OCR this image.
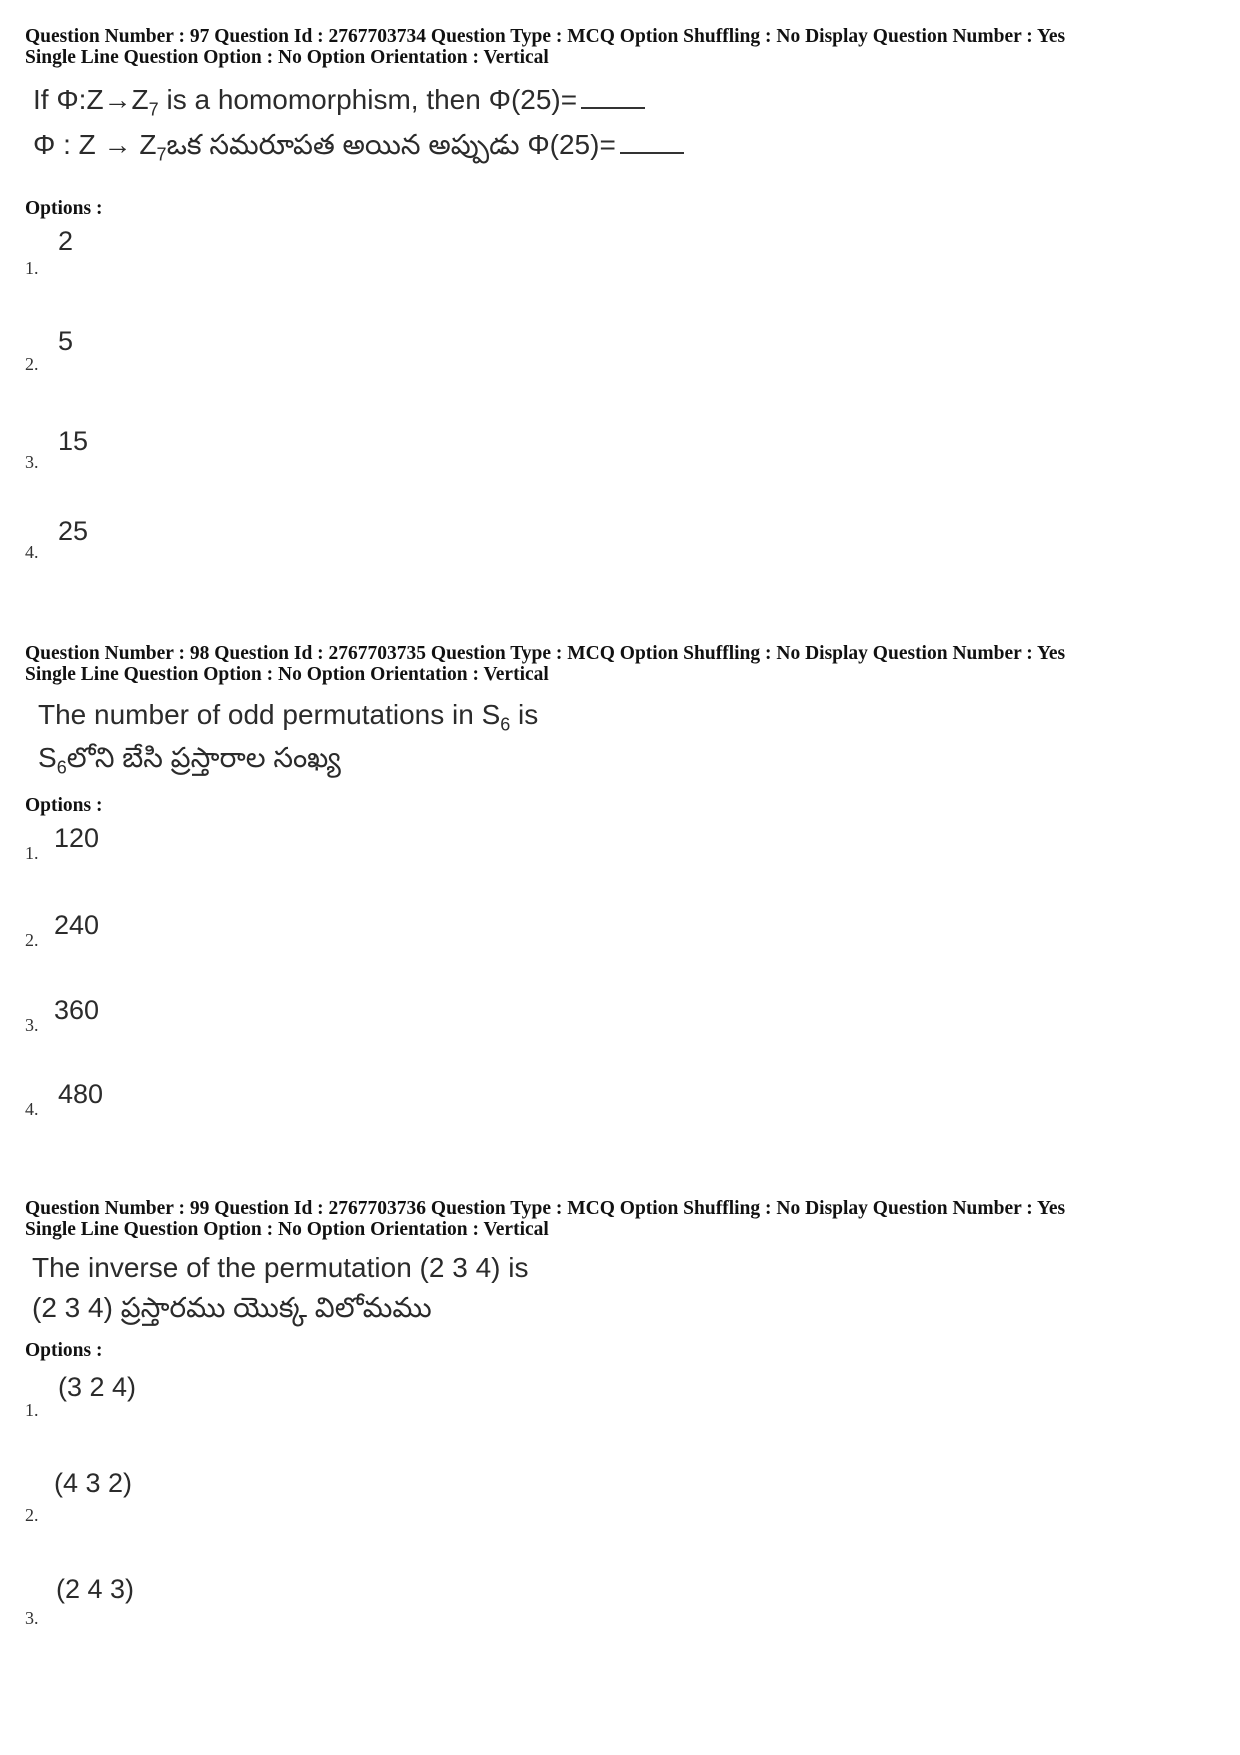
Question Number : 97 Question Id : 2767703734 Question Type : MCQ Option Shuffling : No Display Question Number : Yes
Single Line Question Option : No Option Orientation : Vertical
If $\Phi:Z\to Z_7$ is a homomorphism, then Φ(25)=
Φ : $Z \to Z_7ఒక$ సమరూపత అయిన అప్పుడు Φ(25)=
Options :
1.
2
2.
5
3.
15
4.
25
Question Number : 98 Question Id : 2767703735 Question Type : MCQ Option Shuffling : No Display Question Number : Yes
Single Line Question Option : No Option Orientation : Vertical
The number of odd permutations in $S_6$ is
$S_6లోని$ బేసి ప్రస్తారాల సంఖ్య
Options :
1. 120
2. 240
3. 360
4. 480
Question Number : 99 Question Id : 2767703736 Question Type : MCQ Option Shuffling : No Display Question Number : Yes
Single Line Question Option : No Option Orientation : Vertical
The inverse of the permutation (2 3 4) is
(2 3 4) ప్రస్తారము యొక్క విలోమము
Options :
1.
(3 2 4)
2.
(4 3 2)
3.
(2 4 3)
